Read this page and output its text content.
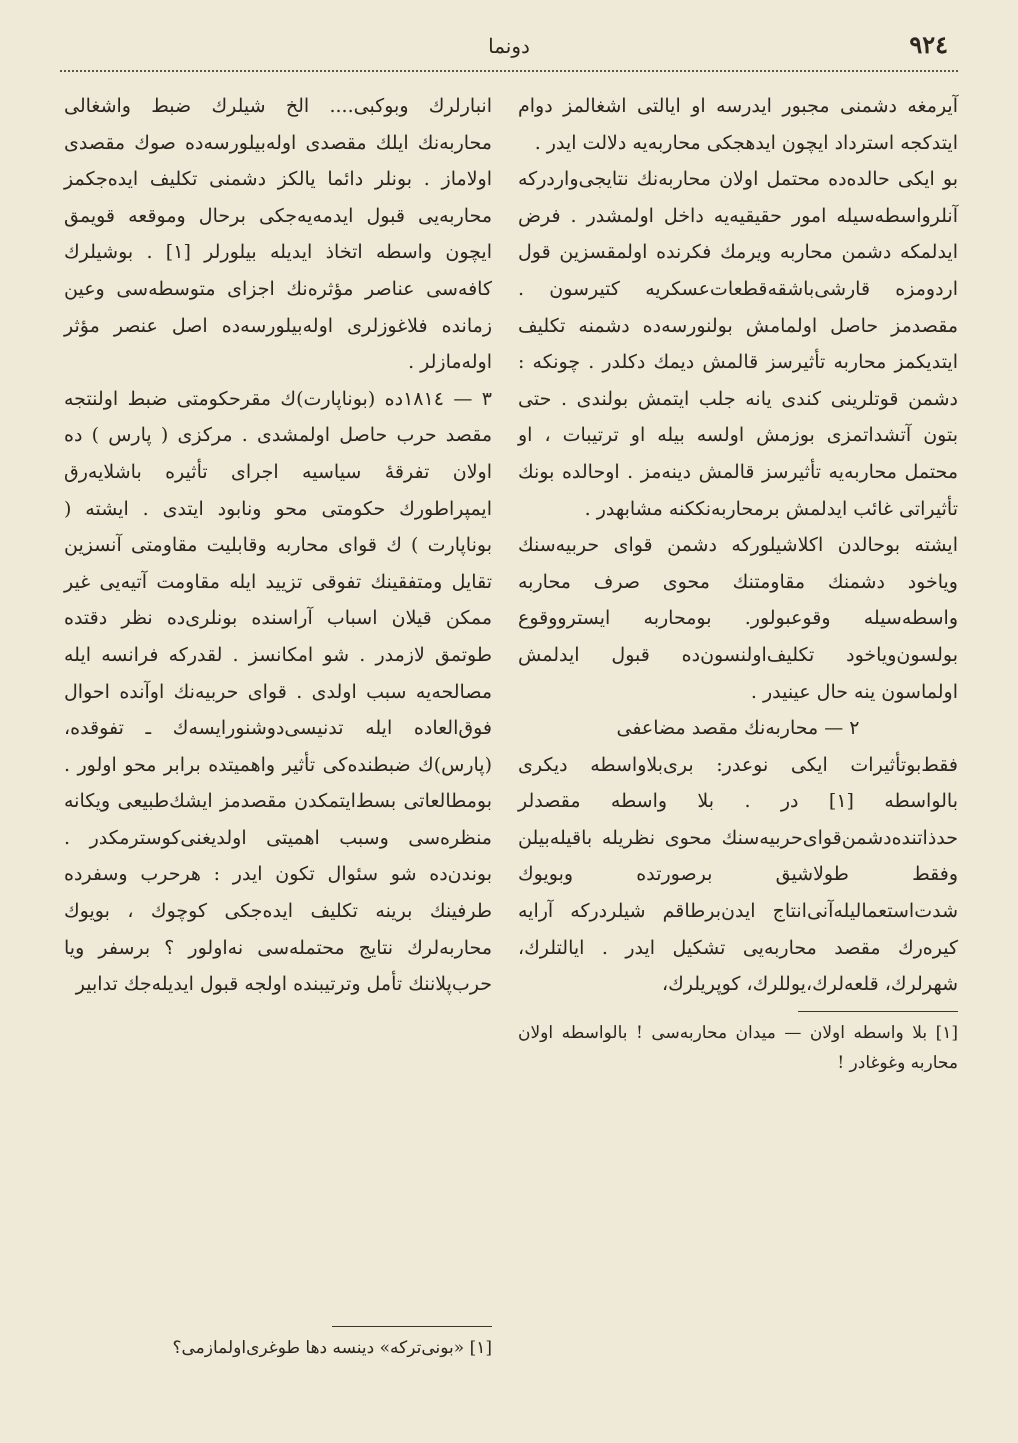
٩٢٤
دونما

آيرمغه دشمنی مجبور ايدرسه او ايالتی اشغالمز دوام ايتدكجه استرداد ايچون ايدهجكی محاربه‌يه دلالت ايدر .

بو ايكی حالده‌ده محتمل اولان محاربه‌نك نتايجی‌واردركه آنلرواسطه‌سيله امور حقيقيه‌يه داخل اولمشدر . فرض ايدلمكه دشمن محاربه ويرمك فكرنده اولمقسزين قول اردومزه قارشی‌باشقه‌قطعات‌عسكريه كتيرسون . مقصدمز حاصل اولمامش بولنورسه‌ده دشمنه تكليف ايتديكمز محاربه تأثيرسز قالمش ديمك دكلدر . چونكه : دشمن قوتلرينی كندی يانه جلب ايتمش بولندی . حتی بتون آتشداتمزی بوزمش اولسه بيله او ترتيبات ، او محتمل محاربه‌يه تأثيرسز قالمش دينه‌مز . اوحالده بونك تأثيراتی غائب ايدلمش برمحاربه‌نككنه مشابهدر .

ايشته بوحالدن اكلاشيلوركه دشمن قوای حربيه‌سنك وياخود دشمنك مقاومتنك محوی صرف محاربه واسطه‌سيله وقوعبولور. بومحاربه ايسترووقوع بولسون‌وياخود تكليف‌اولنسون‌ده قبول ايدلمش اولماسون ينه حال عينيدر .

٢ — محاربه‌نك مقصد مضاعفی

فقط‌بوتأثيرات ايكی نوعدر: بری‌بلاواسطه ديكری بالواسطه [١] در . بلا واسطه مقصدلر حدذاتنده‌دشمن‌قوای‌حربيه‌سنك محوی نظريله باقيله‌بيلن وفقط طولاشيق برصورتده وبويوك شدت‌استعماليله‌آنی‌انتاج ايدن‌برطاقم شيلردركه آرايه كيره‌رك مقصد محاربه‌يی تشكيل ايدر . ايالتلرك، شهرلرك، قلعه‌لرك،يوللرك، كوپريلرك،

[١] بلا واسطه اولان — ميدان محاربه‌سی ! بالواسطه اولان محاربه وغوغادر !

انبارلرك وبوكبی.... الخ شيلرك ضبط واشغالی محاربه‌نك ايلك مقصدی اوله‌بيلورسه‌ده صوك مقصدی اولاماز . بونلر دائما يالكز دشمنی تكليف ايده‌جكمز محاربه‌يی قبول ايدمه‌يه‌جكی برحال وموقعه قويمق ايچون واسطه اتخاذ ايديله بيلورلر [١] . بوشيلرك كافه‌سی عناصر مؤثره‌نك اجزای متوسطه‌سی وعين زمانده فلاغوزلری اوله‌بيلورسه‌ده اصل عنصر مؤثر اوله‌مازلر .

٣ — ١٨١٤ده (بوناپارت)ك مقرحكومتی ضبط اولنتجه مقصد حرب حاصل اولمشدی . مركزی ( پارس ) ده اولان تفرقهٔ سياسيه اجرای تأثيره باشلايه‌رق ايمپراطورك حكومتی محو ونابود ايتدی . ايشته ( بوناپارت ) ك قوای محاربه وقابليت مقاومتی آنسزين تقايل ومتفقينك تفوقی تزييد ايله مقاومت آتيه‌يی غير ممكن قيلان اسباب آراسنده بونلری‌ده نظر دقتده طوتمق لازمدر . شو امكانسز . لقدركه فرانسه ايله مصالحه‌يه سبب اولدی . قوای حربيه‌نك اوآنده احوال فوق‌العاده ايله تدنيسی‌دوشنورايسه‌ك ـ تفوقده، (پارس)ك ضبطنده‌كی تأثير واهميتده برابر محو اولور . بومطالعاتی بسط‌ايتمكدن مقصدمز ايشك‌طبيعی ويكانه منظره‌سی وسبب اهميتی اولديغنی‌كوسترمكدر . بوندن‌ده شو سئوال تكون ايدر : هرحرب وسفرده طرفينك برينه تكليف ايده‌جكی كوچوك ، بويوك محاربه‌لرك نتايج محتمله‌سی نه‌اولور ؟ برسفر ويا حرب‌پلاننك تأمل وترتيبنده اولجه قبول ايديله‌جك تدابير

[١] «بونی‌تركه» دينسه دها طوغری‌اولمازمی؟
